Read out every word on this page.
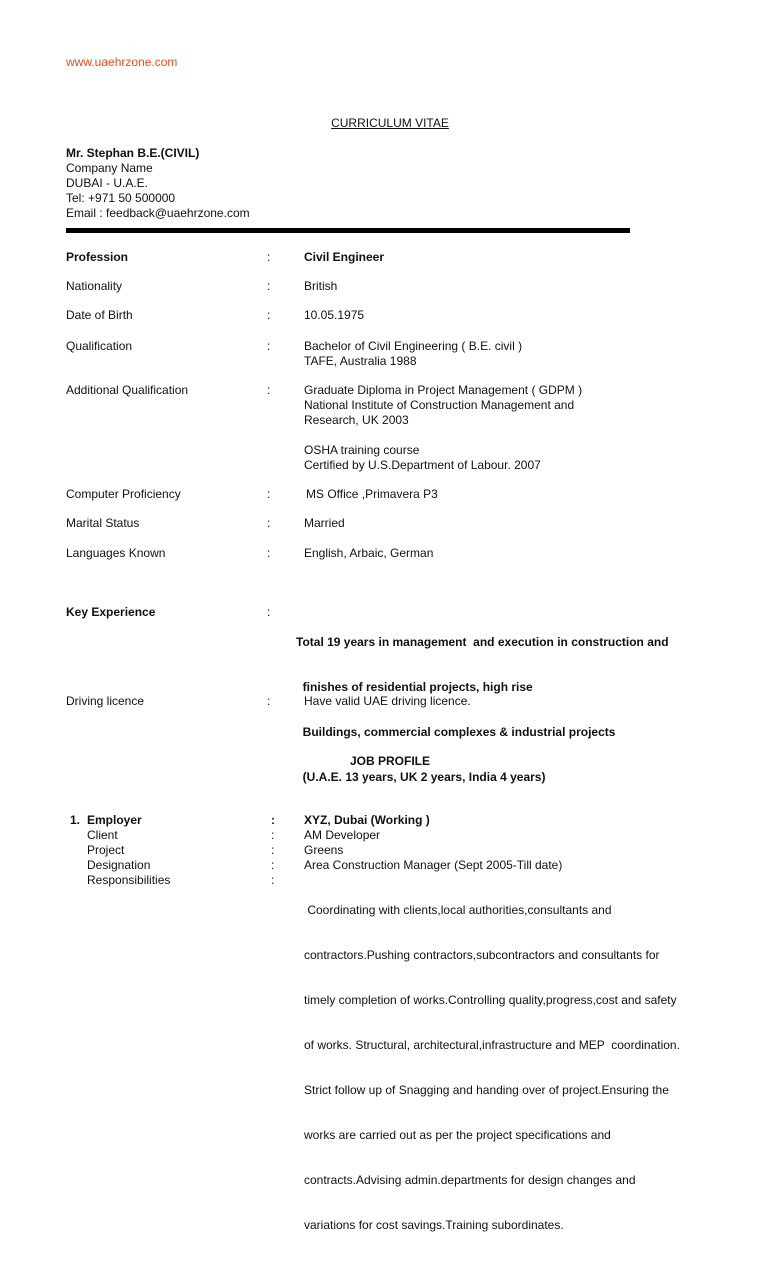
www.uaehrzone.com
CURRICULUM VITAE
Mr. Stephan B.E.(CIVIL)
Company Name
DUBAI - U.A.E.
Tel: +971 50 500000
Email : feedback@uaehrzone.com
Profession	:	Civil Engineer
Nationality	:	British
Date of Birth	:	10.05.1975
Qualification	:	Bachelor of Civil Engineering ( B.E. civil )
TAFE, Australia 1988
Additional Qualification	:	Graduate Diploma in Project Management ( GDPM )
National Institute of Construction Management and
Research, UK 2003
OSHA training course
Certified by U.S.Department of Labour. 2007
Computer Proficiency	:	MS Office ,Primavera P3
Marital Status	:	Married
Languages Known	:	English, Arbaic, German
Key Experience	:

Total 19 years in management  and execution in construction and

finishes of residential projects, high rise

Buildings, commercial complexes & industrial projects

(U.A.E. 13 years, UK 2 years, India 4 years)

Driving licence	:	Have valid UAE driving licence.
JOB PROFILE
1. Employer	: XYZ, Dubai (Working )
Client	: AM Developer
Project	: Greens
Designation	: Area Construction Manager (Sept 2005-Till date)
Responsibilities	:

Coordinating with clients,local authorities,consultants and

contractors.Pushing contractors,subcontractors and consultants for

timely completion of works.Controlling quality,progress,cost and safety

of works. Structural, architectural,infrastructure and MEP  coordination.

Strict follow up of Snagging and handing over of project.Ensuring the

works are carried out as per the project specifications and

contracts.Advising admin.departments for design changes and

variations for cost savings.Training subordinates.
